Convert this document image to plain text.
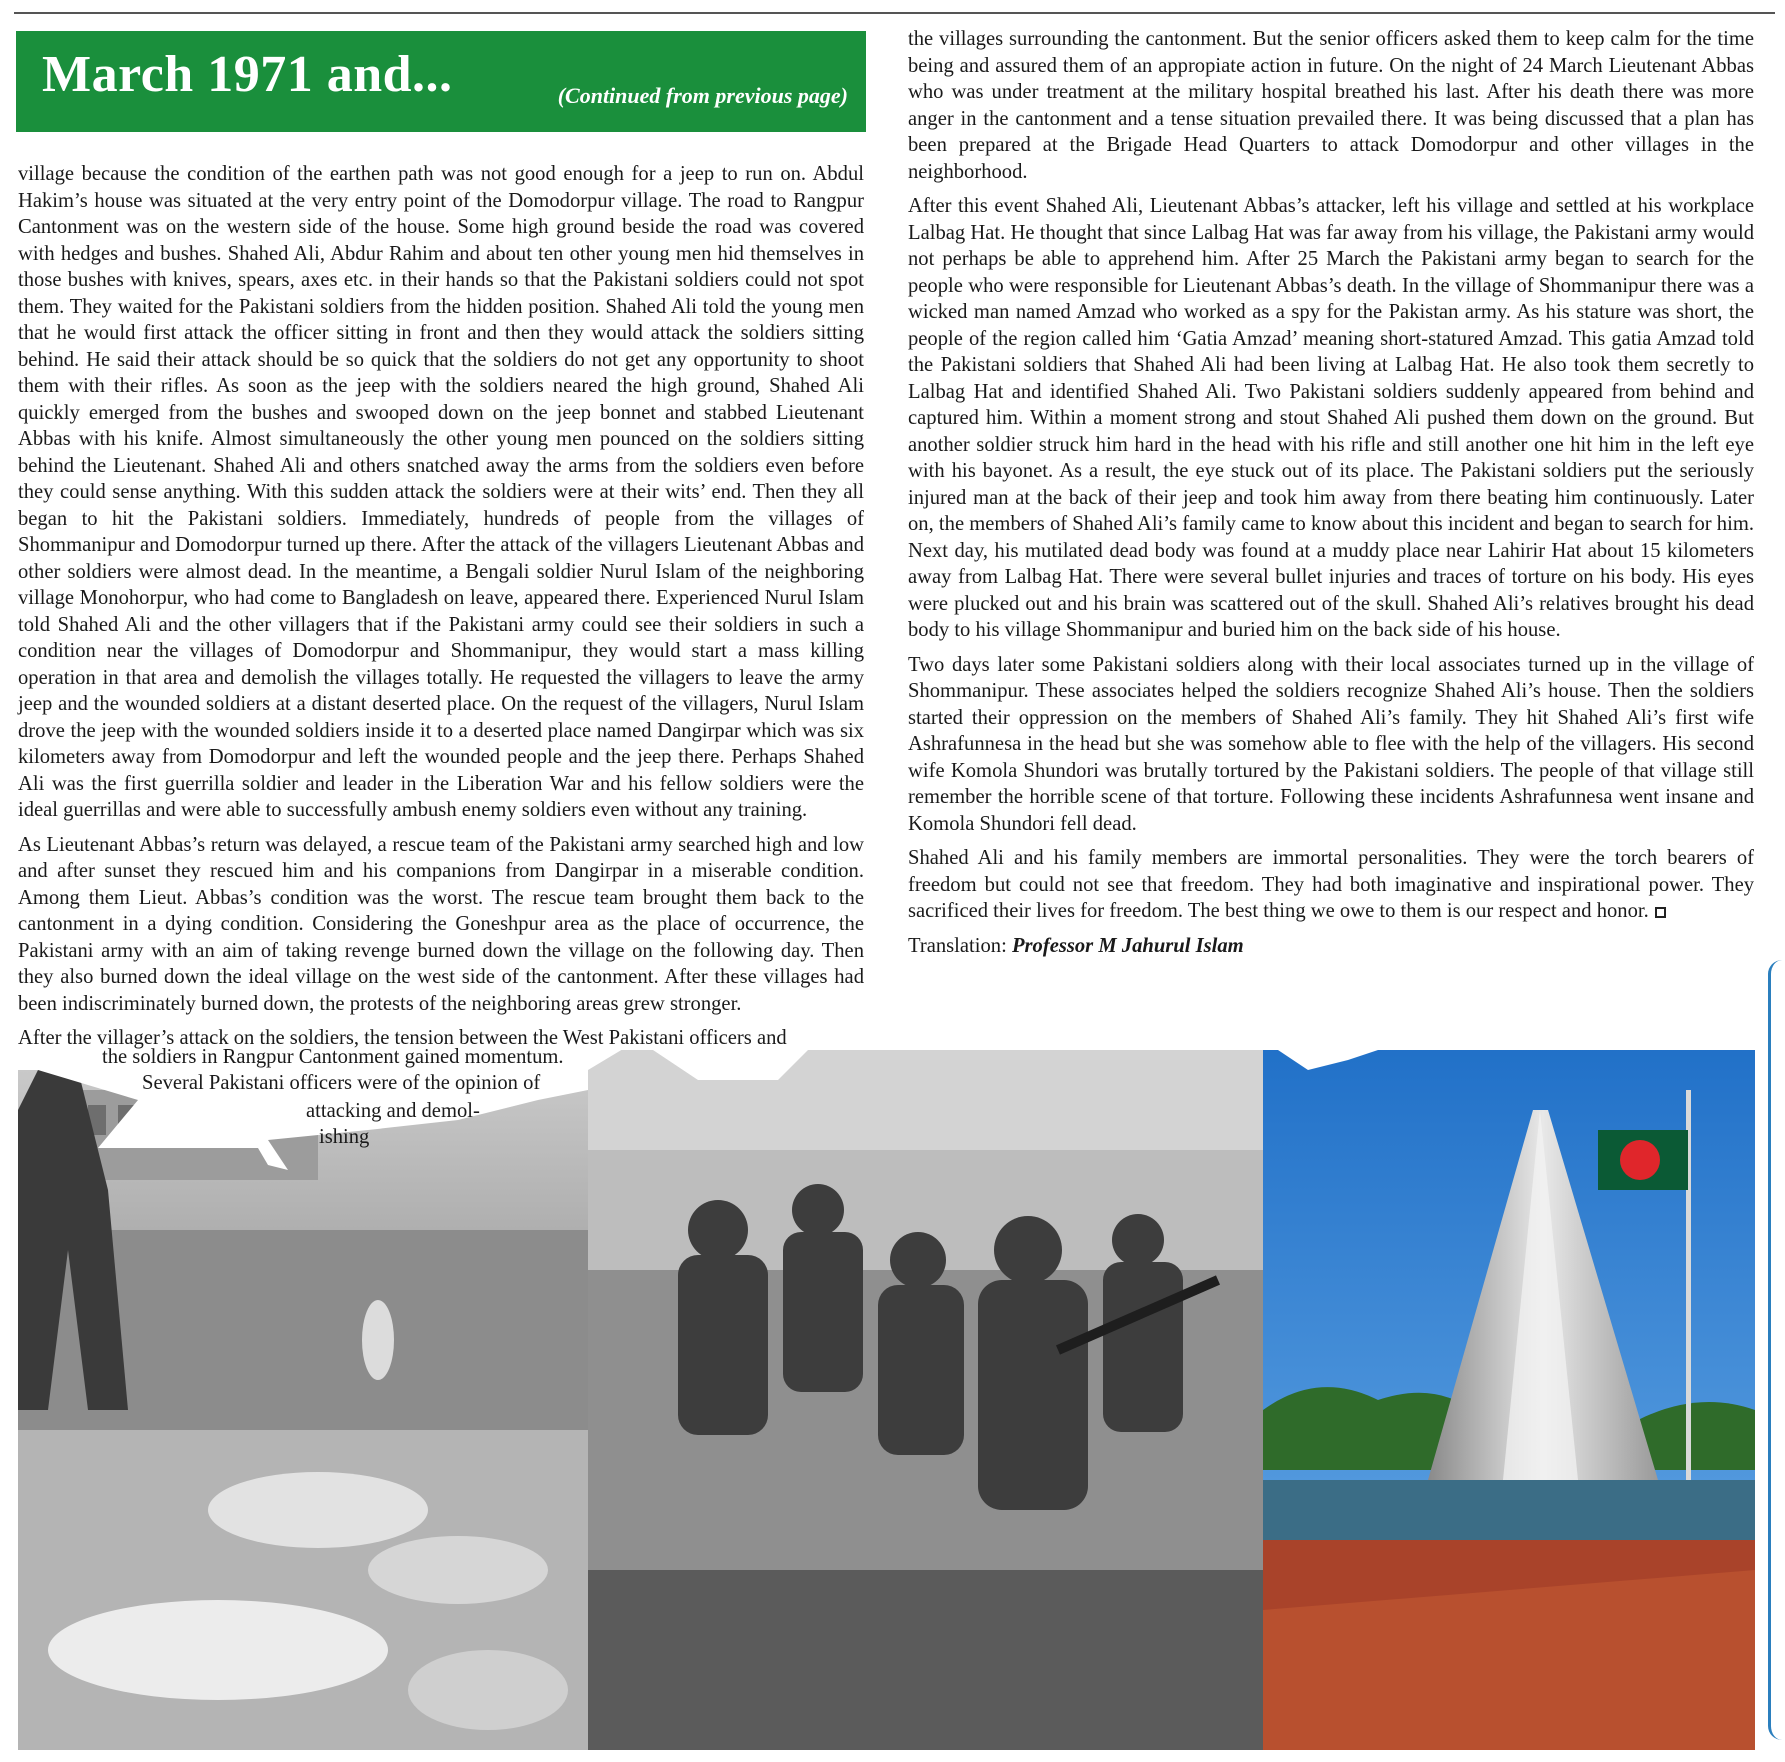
March 1971 and...	(Continued from previous page)

village because the condition of the earthen path was not good enough for a jeep to run on. Abdul Hakim’s house was situated at the very entry point of the Domodorpur village. The road to Rangpur Cantonment was on the western side of the house. Some high ground beside the road was covered with hedges and bushes. Shahed Ali, Abdur Rahim and about ten other young men hid themselves in those bushes with knives, spears, axes etc. in their hands so that the Pakistani soldiers could not spot them. They waited for the Pakistani soldiers from the hidden position. Shahed Ali told the young men that he would first attack the officer sitting in front and then they would attack the soldiers sitting behind. He said their attack should be so quick that the soldiers do not get any opportunity to shoot them with their rifles. As soon as the jeep with the soldiers neared the high ground, Shahed Ali quickly emerged from the bushes and swooped down on the jeep bonnet and stabbed Lieutenant Abbas with his knife. Almost simultaneously the other young men pounced on the soldiers sitting behind the Lieutenant. Shahed Ali and others snatched away the arms from the soldiers even before they could sense anything. With this sudden attack the soldiers were at their wits’ end. Then they all began to hit the Pakistani soldiers. Immediately, hundreds of people from the villages of Shommanipur and Domodorpur turned up there. After the attack of the villagers Lieutenant Abbas and other soldiers were almost dead. In the meantime, a Bengali soldier Nurul Islam of the neighboring village Monohorpur, who had come to Bangladesh on leave, appeared there. Experienced Nurul Islam told Shahed Ali and the other villagers that if the Pakistani army could see their soldiers in such a condition near the villages of Domodorpur and Shommanipur, they would start a mass killing operation in that area and demolish the villages totally. He requested the villagers to leave the army jeep and the wounded soldiers at a distant deserted place. On the request of the villagers, Nurul Islam drove the jeep with the wounded soldiers inside it to a deserted place named Dangirpar which was six kilometers away from Domodorpur and left the wounded people and the jeep there. Perhaps Shahed Ali was the first guerrilla soldier and leader in the Liberation War and his fellow soldiers were the ideal guerrillas and were able to successfully ambush enemy soldiers even without any training.

As Lieutenant Abbas’s return was delayed, a rescue team of the Pakistani army searched high and low and after sunset they rescued him and his companions from Dangirpar in a miserable condition. Among them Lieut. Abbas’s condition was the worst. The rescue team brought them back to the cantonment in a dying condition. Considering the Goneshpur area as the place of occurrence, the Pakistani army with an aim of taking revenge burned down the village on the following day. Then they also burned down the ideal village on the west side of the cantonment. After these villages had been indiscriminately burned down, the protests of the neighboring areas grew stronger.

After the villager’s attack on the soldiers, the tension between the West Pakistani officers and

the villages surrounding the cantonment. But the senior officers asked them to keep calm for the time being and assured them of an appropiate action in future. On the night of 24 March Lieutenant Abbas who was under treatment at the military hospital breathed his last. After his death there was more anger in the cantonment and a tense situation prevailed there. It was being discussed that a plan has been prepared at the Brigade Head Quarters to attack Domodorpur and other villages in the neighborhood.

After this event Shahed Ali, Lieutenant Abbas’s attacker, left his village and settled at his workplace Lalbag Hat. He thought that since Lalbag Hat was far away from his village, the Pakistani army would not perhaps be able to apprehend him. After 25 March the Pakistani army began to search for the people who were responsible for Lieutenant Abbas’s death. In the village of Shommanipur there was a wicked man named Amzad who worked as a spy for the Pakistan army. As his stature was short, the people of the region called him ‘Gatia Amzad’ meaning short-statured Amzad. This gatia Amzad told the Pakistani soldiers that Shahed Ali had been living at Lalbag Hat. He also took them secretly to Lalbag Hat and identified Shahed Ali. Two Pakistani soldiers suddenly appeared from behind and captured him. Within a moment strong and stout Shahed Ali pushed them down on the ground. But another soldier struck him hard in the head with his rifle and still another one hit him in the left eye with his bayonet. As a result, the eye stuck out of its place. The Pakistani soldiers put the seriously injured man at the back of their jeep and took him away from there beating him continuously. Later on, the members of Shahed Ali’s family came to know about this incident and began to search for him. Next day, his mutilated dead body was found at a muddy place near Lahirir Hat about 15 kilometers away from Lalbag Hat. There were several bullet injuries and traces of torture on his body. His eyes were plucked out and his brain was scattered out of the skull. Shahed Ali’s relatives brought his dead body to his village Shommanipur and buried him on the back side of his house.

Two days later some Pakistani soldiers along with their local associates turned up in the village of Shommanipur. These associates helped the soldiers recognize Shahed Ali’s house. Then the soldiers started their oppression on the members of Shahed Ali’s family. They hit Shahed Ali’s first wife Ashrafunnesa in the head but she was somehow able to flee with the help of the villagers. His second wife Komola Shundori was brutally tortured by the Pakistani soldiers. The people of that village still remember the horrible scene of that torture. Following these incidents Ashrafunnesa went insane and Komola Shundori fell dead.

Shahed Ali and his family members are immortal personalities. They were the torch bearers of freedom but could not see that freedom. They had both imaginative and inspirational power. They sacrificed their lives for freedom. The best thing we owe to them is our respect and honor.

Translation: Professor M Jahurul Islam

the soldiers in Rangpur Cantonment gained momentum.
Several Pakistani officers were of the opinion of
attacking and demol-
ishing
